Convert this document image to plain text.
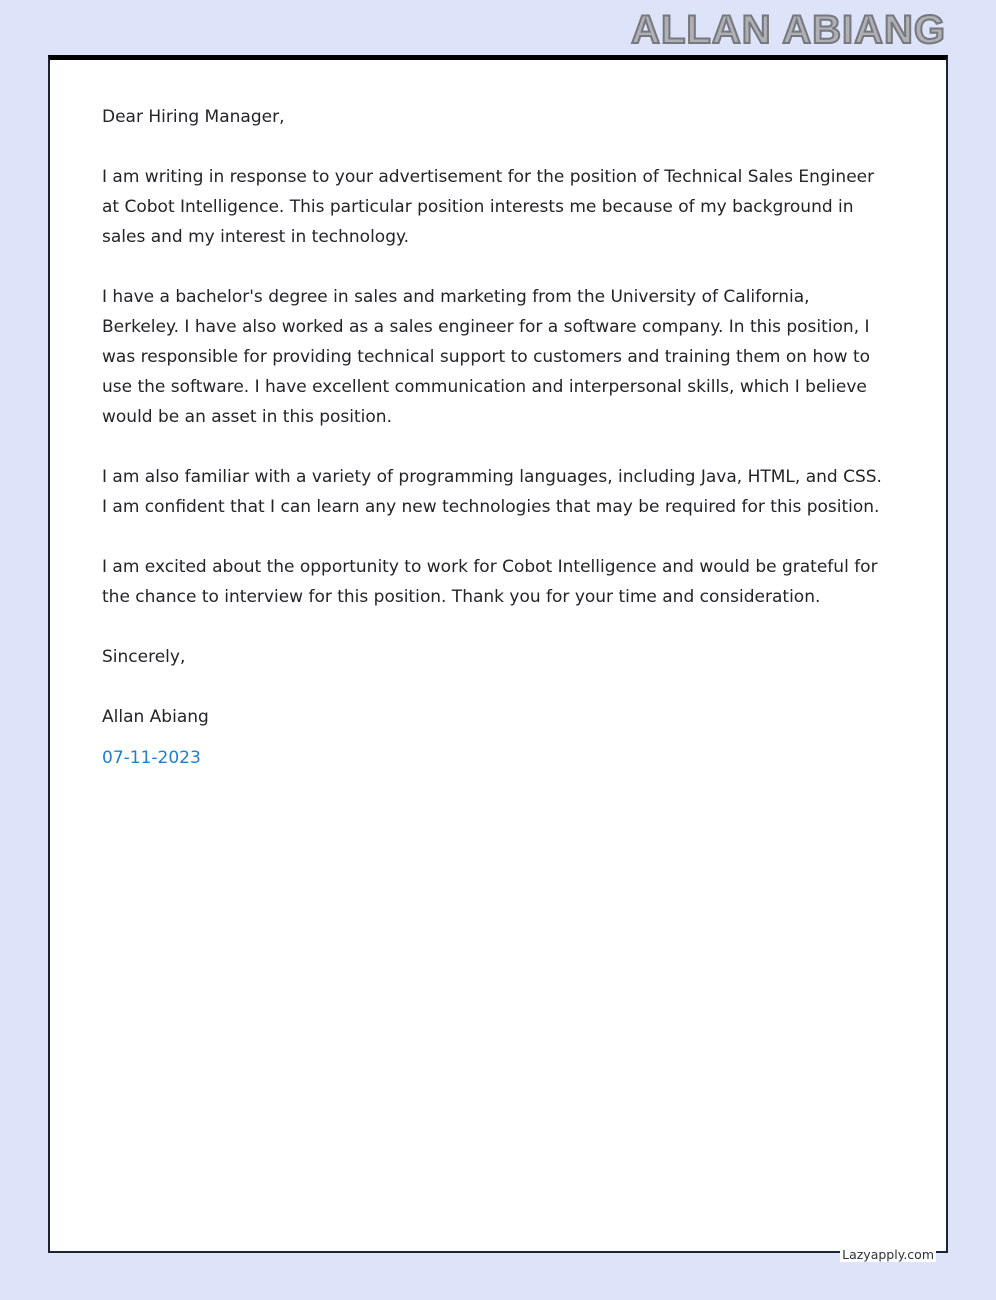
ALLAN ABIANG

Dear Hiring Manager,

I am writing in response to your advertisement for the position of Technical Sales Engineer at Cobot Intelligence. This particular position interests me because of my background in sales and my interest in technology.

I have a bachelor's degree in sales and marketing from the University of California, Berkeley. I have also worked as a sales engineer for a software company. In this position, I was responsible for providing technical support to customers and training them on how to use the software. I have excellent communication and interpersonal skills, which I believe would be an asset in this position.

I am also familiar with a variety of programming languages, including Java, HTML, and CSS. I am confident that I can learn any new technologies that may be required for this position.

I am excited about the opportunity to work for Cobot Intelligence and would be grateful for the chance to interview for this position. Thank you for your time and consideration.

Sincerely,

Allan Abiang

07-11-2023
Lazyapply.com
